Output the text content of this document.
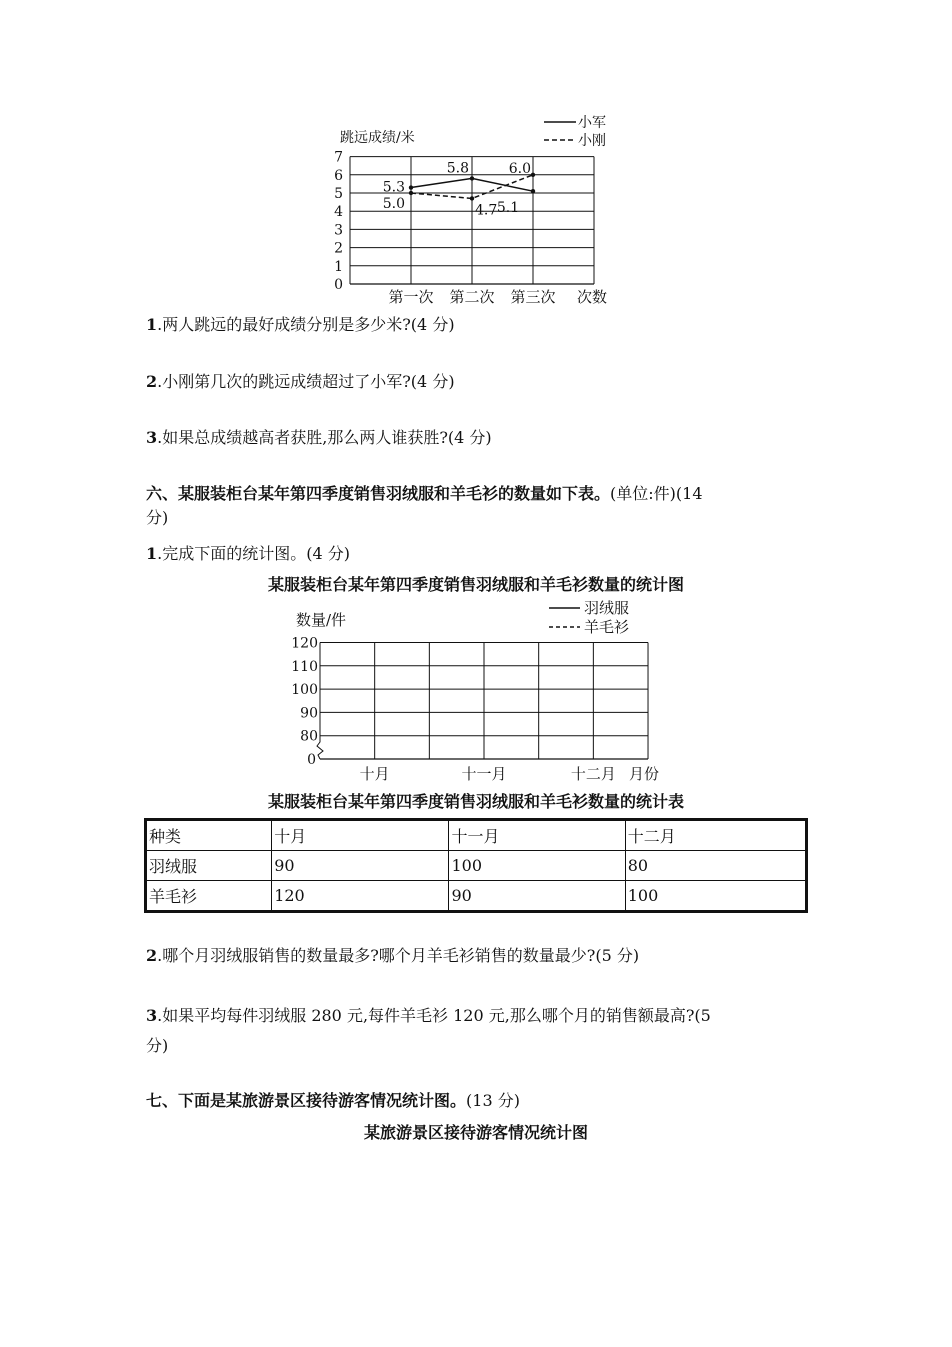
0
1
2
3
4
5
6
7
跳远成绩/米
次数
第一次 第二次 第三次
5.3
5.8
5.1
5.0	4.7
6.0
小军
小刚
1.两人跳远的最好成绩分别是多少米?(4 分)
2.小刚第几次的跳远成绩超过了小军?(4 分)
3.如果总成绩越高者获胜,那么两人谁获胜?(4 分)
六、某服装柜台某年第四季度销售羽绒服和羊毛衫的数量如下表。(单位:件)(14
分)
1.完成下面的统计图。(4 分)
某服装柜台某年第四季度销售羽绒服和羊毛衫数量的统计图
80
90
100
110
120
0
数量/件
十月	十一月	十二月 月份
羽绒服
羊毛衫
某服装柜台某年第四季度销售羽绒服和羊毛衫数量的统计表
种类	十月	十一月	十二月
羽绒服	90	100	80
羊毛衫	120	90	100
2.哪个月羽绒服销售的数量最多?哪个月羊毛衫销售的数量最少?(5 分)
3.如果平均每件羽绒服 280 元,每件羊毛衫 120 元,那么哪个月的销售额最高?(5
分)
七、下面是某旅游景区接待游客情况统计图。(13 分)
某旅游景区接待游客情况统计图
